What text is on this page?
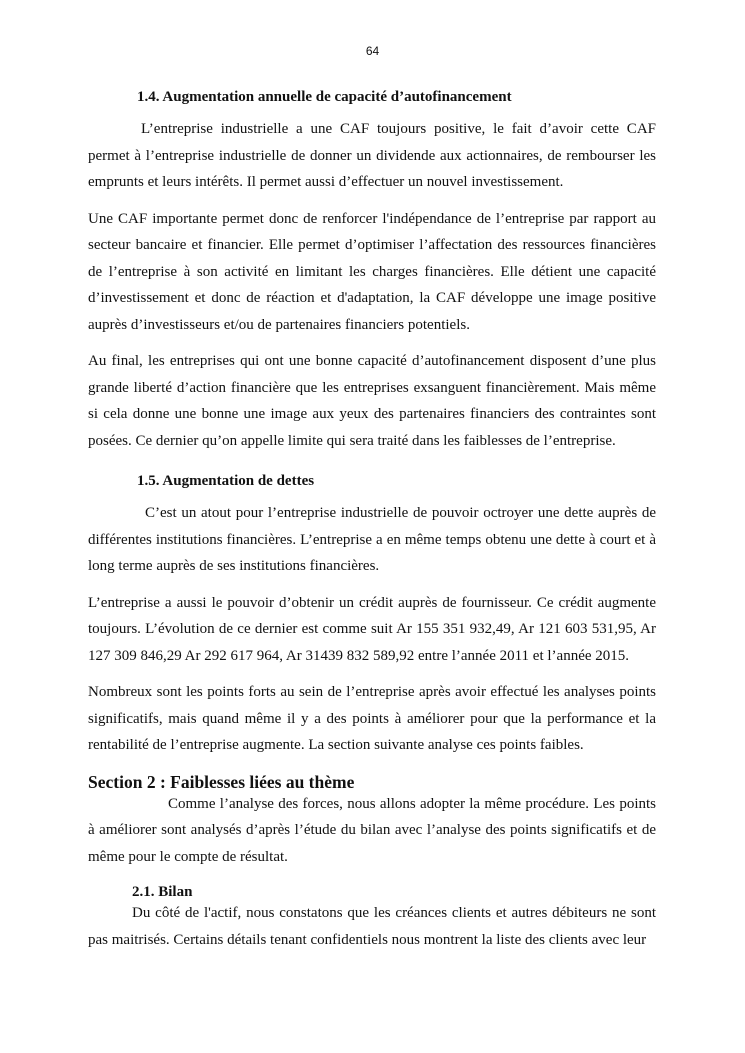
64
1.4. Augmentation annuelle de capacité d’autofinancement

L’entreprise industrielle a une CAF toujours positive, le fait d’avoir cette CAF permet à l’entreprise industrielle de donner un dividende aux actionnaires, de rembourser les emprunts et leurs intérêts. Il permet aussi d’effectuer un nouvel investissement.

Une CAF importante permet donc de renforcer l'indépendance de l’entreprise par rapport au secteur bancaire et financier. Elle permet d’optimiser l’affectation des ressources financières de l’entreprise à son activité en limitant les charges financières. Elle détient une capacité d’investissement et donc de réaction et d'adaptation, la CAF développe une image positive auprès d’investisseurs et/ou de partenaires financiers potentiels.

Au final, les entreprises qui ont une bonne capacité d’autofinancement disposent d’une plus grande liberté d’action financière que les entreprises exsanguent financièrement. Mais même si cela donne une bonne une image aux yeux des partenaires financiers des contraintes sont posées. Ce dernier qu’on appelle limite qui sera traité dans les faiblesses de l’entreprise.

1.5. Augmentation de dettes

C’est un atout pour l’entreprise industrielle de pouvoir octroyer une dette auprès de différentes institutions financières. L’entreprise a en même temps obtenu une dette à court et à long terme auprès de ses institutions financières.

L’entreprise a aussi le pouvoir d’obtenir un crédit auprès de fournisseur. Ce crédit augmente toujours. L’évolution de ce dernier est comme suit Ar 155 351 932,49, Ar 121 603 531,95, Ar 127 309 846,29 Ar 292 617 964, Ar 31439 832 589,92 entre l’année 2011 et l’année 2015.

Nombreux sont les points forts au sein de l’entreprise après avoir effectué les analyses points significatifs, mais quand même il y a des points à améliorer pour que la performance et la rentabilité de l’entreprise augmente. La section suivante analyse ces points faibles.

Section 2 : Faiblesses liées au thème

Comme l’analyse des forces, nous allons adopter la même procédure. Les points à améliorer sont analysés d’après l’étude du bilan avec l’analyse des points significatifs et de même pour le compte de résultat.

2.1. Bilan

Du côté de l'actif, nous constatons que les créances clients et autres débiteurs ne sont pas maitrisés. Certains détails tenant confidentiels nous montrent la liste des clients avec leur
